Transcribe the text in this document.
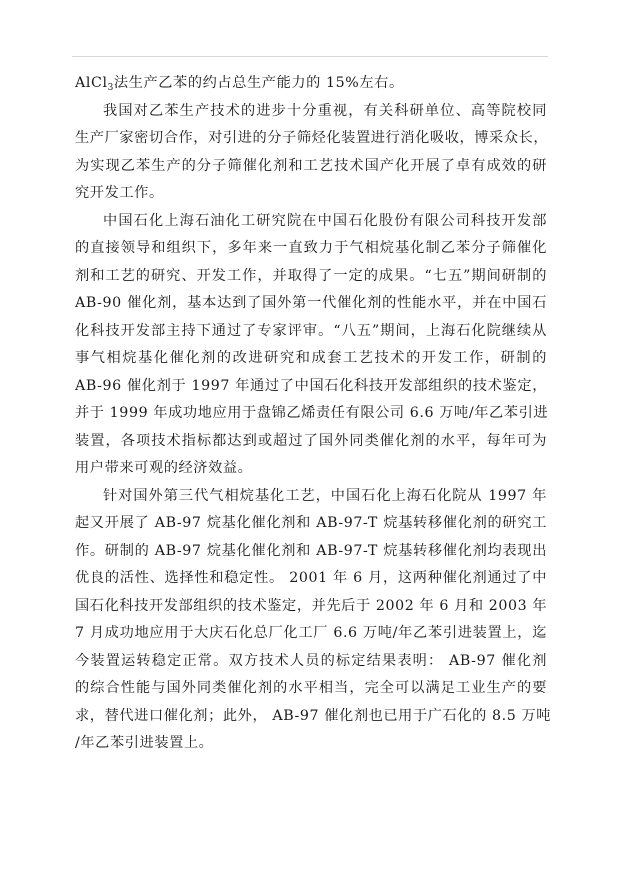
AlCl$_3$法生产乙苯的约占总生产能力的 15%左右。
我国对乙苯生产技术的进步十分重视，有关科研单位、高等院校同
生产厂家密切合作，对引进的分子筛烃化装置进行消化吸收，博采众长，
为实现乙苯生产的分子筛催化剂和工艺技术国产化开展了卓有成效的研
究开发工作。
中国石化上海石油化工研究院在中国石化股份有限公司科技开发部
的直接领导和组织下，多年来一直致力于气相烷基化制乙苯分子筛催化
剂和工艺的研究、开发工作，并取得了一定的成果。“七五”期间研制的
AB-90 催化剂，基本达到了国外第一代催化剂的性能水平，并在中国石
化科技开发部主持下通过了专家评审。“八五”期间，上海石化院继续从
事气相烷基化催化剂的改进研究和成套工艺技术的开发工作，研制的
AB-96 催化剂于 1997 年通过了中国石化科技开发部组织的技术鉴定，
并于 1999 年成功地应用于盘锦乙烯责任有限公司 6.6 万吨/年乙苯引进
装置，各项技术指标都达到或超过了国外同类催化剂的水平，每年可为
用户带来可观的经济效益。
针对国外第三代气相烷基化工艺，中国石化上海石化院从 1997 年
起又开展了 AB-97 烷基化催化剂和 AB-97-T 烷基转移催化剂的研究工
作。研制的 AB-97 烷基化催化剂和 AB-97-T 烷基转移催化剂均表现出
优良的活性、选择性和稳定性。 2001 年 6 月，这两种催化剂通过了中
国石化科技开发部组织的技术鉴定，并先后于 2002 年 6 月和 2003 年
7 月成功地应用于大庆石化总厂化工厂 6.6 万吨/年乙苯引进装置上，迄
今装置运转稳定正常。双方技术人员的标定结果表明： AB-97 催化剂
的综合性能与国外同类催化剂的水平相当，完全可以满足工业生产的要
求，替代进口催化剂；此外， AB-97 催化剂也已用于广石化的 8.5 万吨
/年乙苯引进装置上。
